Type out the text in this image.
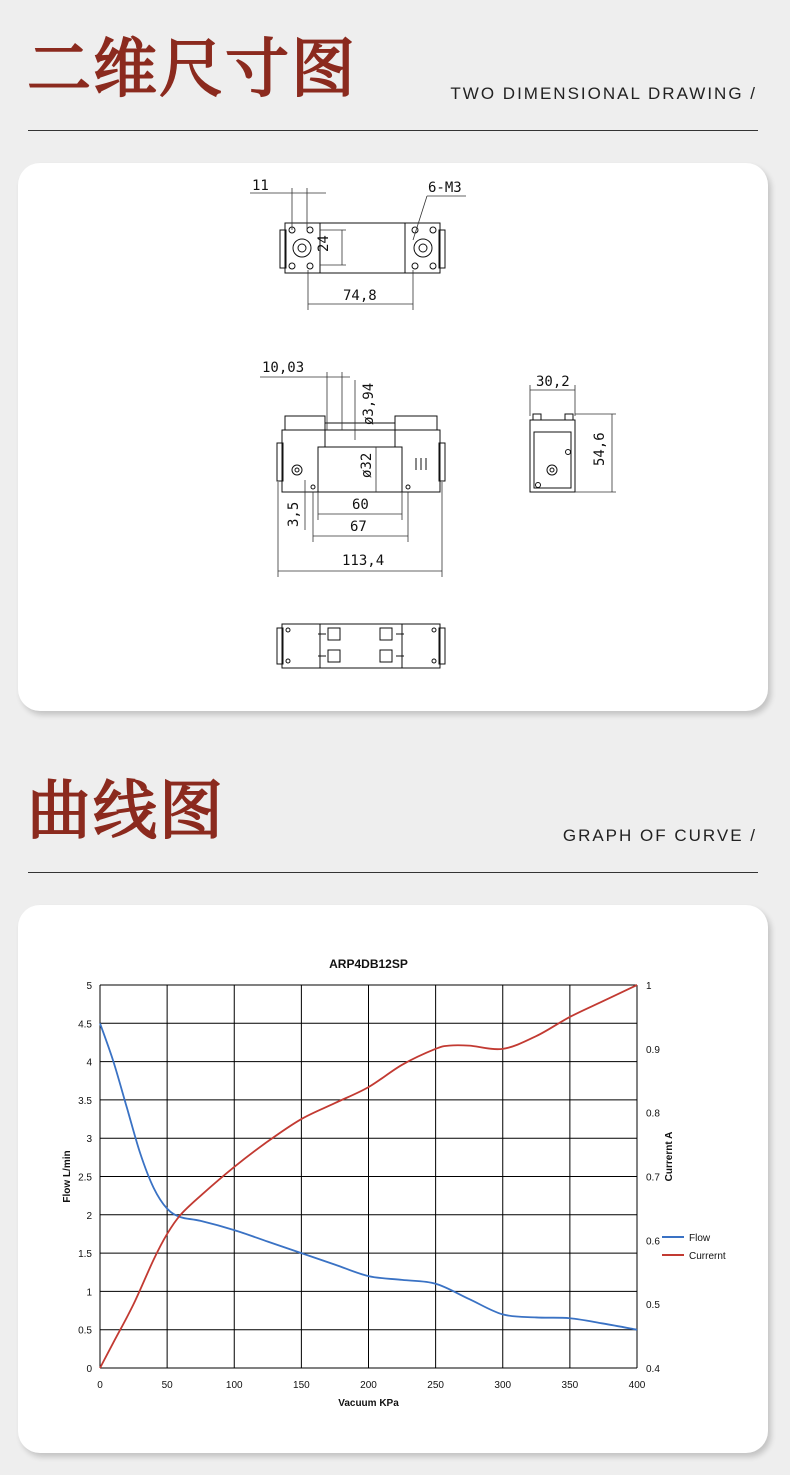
二维尺寸图	TWO DIMENSIONAL DRAWING /
11	6-M3
24
74,8
10,03
ø3,94
ø32
3,5	60
67
113,4
30,2
54,6
曲线图	GRAPH OF CURVE /
ARP4DB12SP
0	50	100	150	200	250	300	350	400
0
0.5
1
1.5
2
2.5
3
3.5
4
4.5
5
0.4
0.5
0.6
0.7
0.8
0.9
1
Vacuum KPa
Flow L/min	Currernt A
Flow
Currernt
